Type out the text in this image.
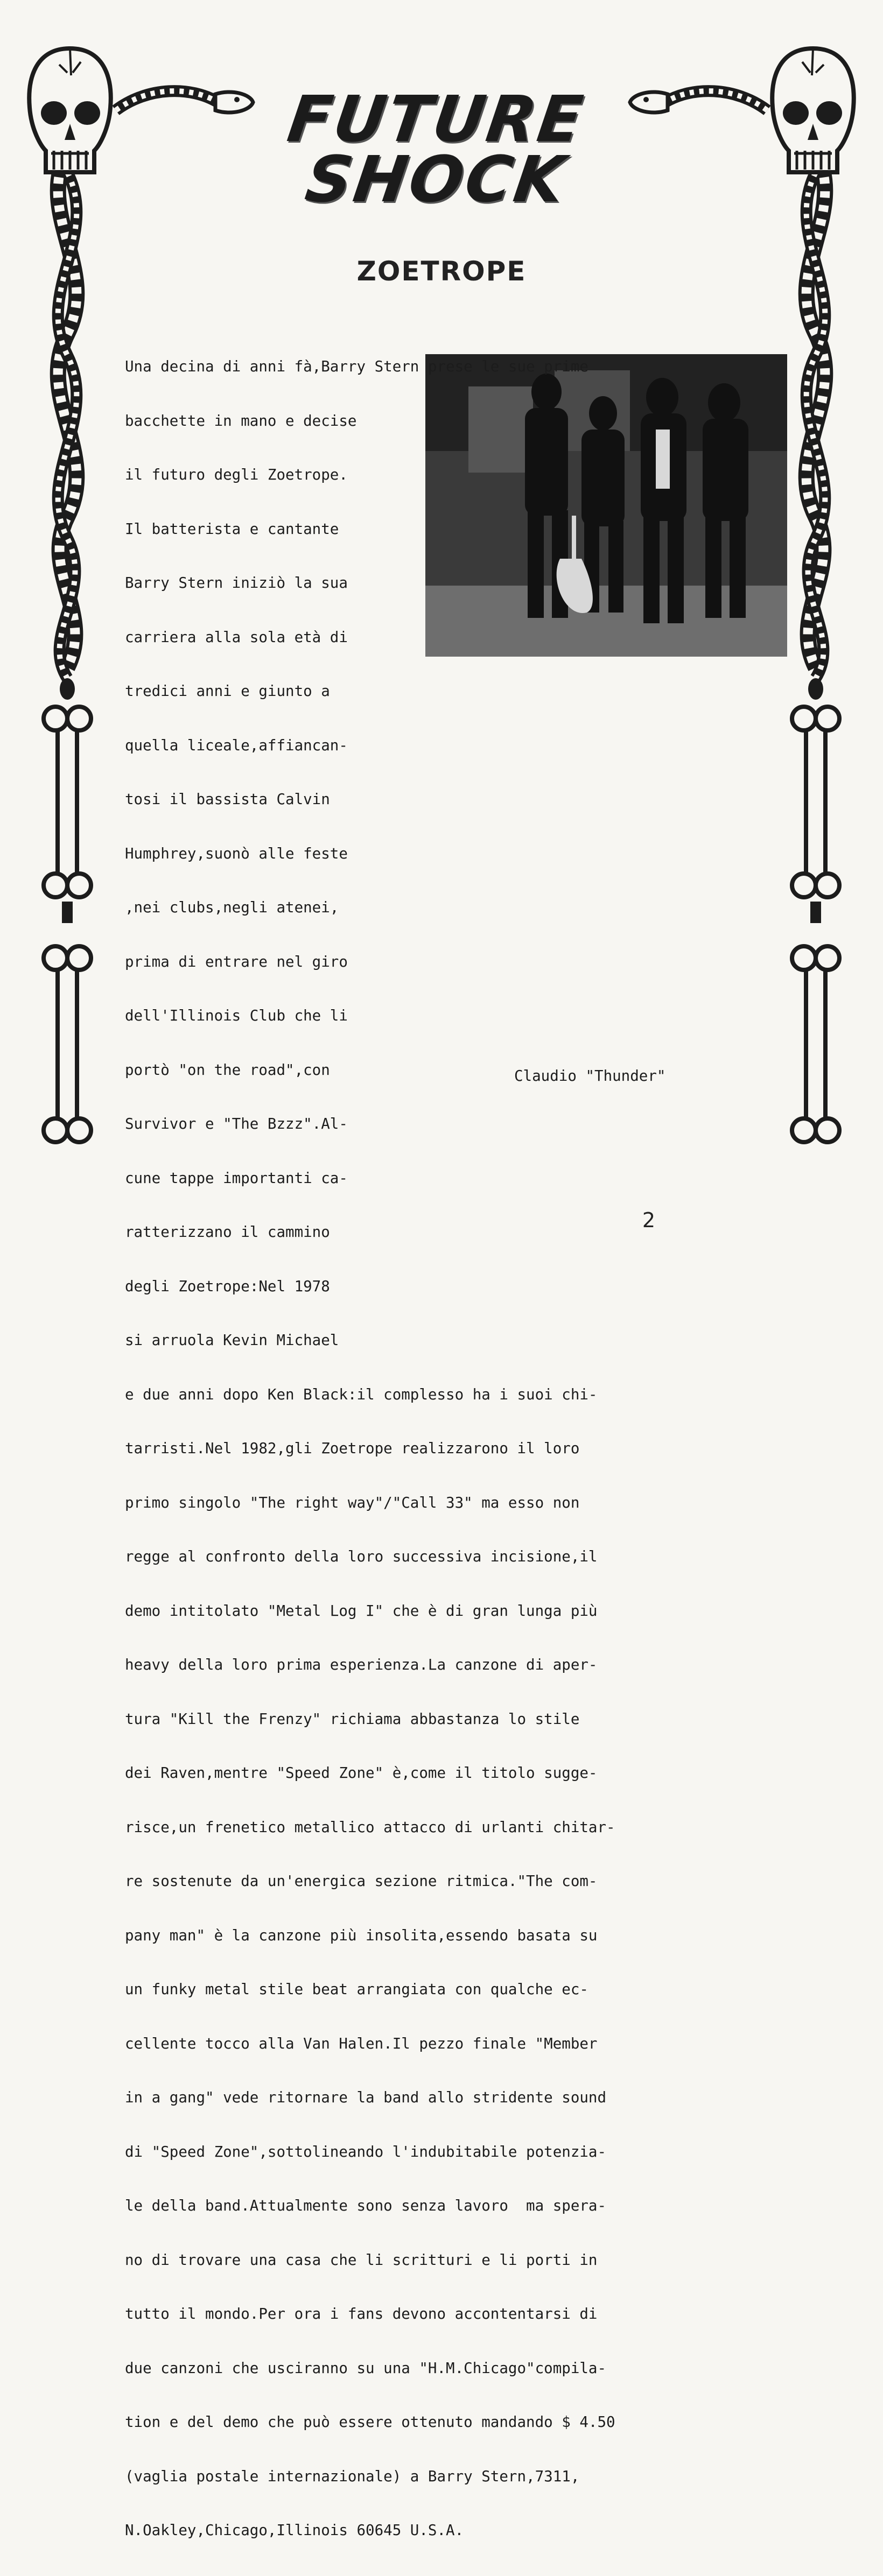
FUTURE
SHOCK
ZOETROPE

Una decina di anni fà,Barry Stern prese le sue prime

bacchette in mano e decise

il futuro degli Zoetrope.

Il batterista e cantante

Barry Stern iniziò la sua

carriera alla sola età di

tredici anni e giunto a

quella liceale,affiancan-

tosi il bassista Calvin

Humphrey,suonò alle feste

,nei clubs,negli atenei,

prima di entrare nel giro

dell'Illinois Club che li

portò "on the road",con

Survivor e "The Bzzz".Al-

cune tappe importanti ca-

ratterizzano il cammino

degli Zoetrope:Nel 1978

si arruola Kevin Michael

e due anni dopo Ken Black:il complesso ha i suoi chi-

tarristi.Nel 1982,gli Zoetrope realizzarono il loro

primo singolo "The right way"/"Call 33" ma esso non

regge al confronto della loro successiva incisione,il

demo intitolato "Metal Log I" che è di gran lunga più

heavy della loro prima esperienza.La canzone di aper-

tura "Kill the Frenzy" richiama abbastanza lo stile

dei Raven,mentre "Speed Zone" è,come il titolo sugge-

risce,un frenetico metallico attacco di urlanti chitar-

re sostenute da un'energica sezione ritmica."The com-

pany man" è la canzone più insolita,essendo basata su

un funky metal stile beat arrangiata con qualche ec-

cellente tocco alla Van Halen.Il pezzo finale "Member

in a gang" vede ritornare la band allo stridente sound

di "Speed Zone",sottolineando l'indubitabile potenzia-

le della band.Attualmente sono senza lavoro  ma spera-

no di trovare una casa che li scritturi e li porti in

tutto il mondo.Per ora i fans devono accontentarsi di

due canzoni che usciranno su una "H.M.Chicago"compila-

tion e del demo che può essere ottenuto mandando $ 4.50

(vaglia postale internazionale) a Barry Stern,7311,

N.Oakley,Chicago,Illinois 60645 U.S.A.

Claudio "Thunder"
2
